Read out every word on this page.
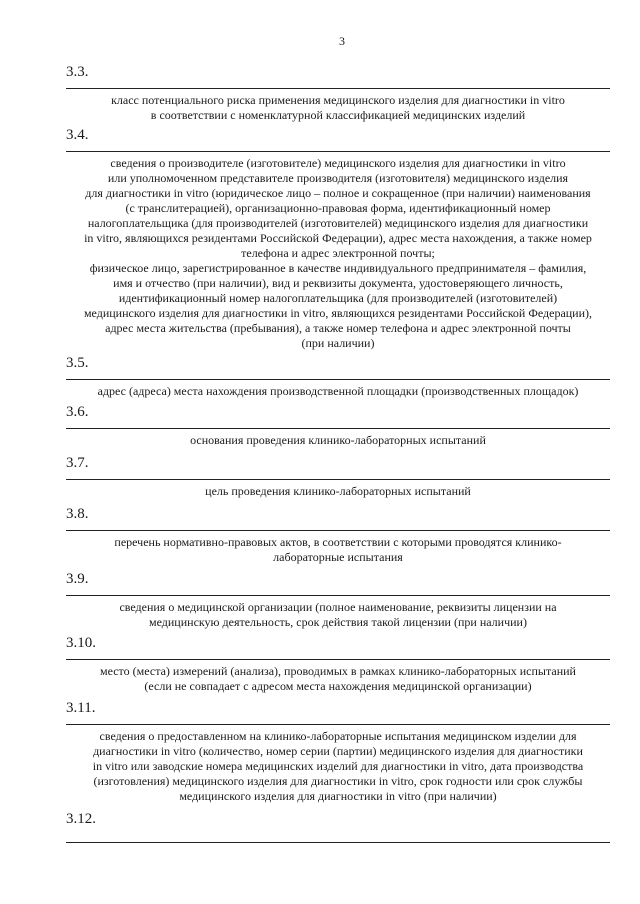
3
3.3.
класс потенциального риска применения медицинского изделия для диагностики in vitro
в соответствии с номенклатурной классификацией медицинских изделий
3.4.
сведения о производителе (изготовителе) медицинского изделия для диагностики in vitro
или уполномоченном представителе производителя (изготовителя) медицинского изделия
для диагностики in vitro (юридическое лицо – полное и сокращенное (при наличии) наименования
(с транслитерацией), организационно-правовая форма, идентификационный номер
налогоплательщика (для производителей (изготовителей) медицинского изделия для диагностики
in vitro, являющихся резидентами Российской Федерации), адрес места нахождения, а также номер
телефона и адрес электронной почты;
физическое лицо, зарегистрированное в качестве индивидуального предпринимателя – фамилия,
имя и отчество (при наличии), вид и реквизиты документа, удостоверяющего личность,
идентификационный номер налогоплательщика (для производителей (изготовителей)
медицинского изделия для диагностики in vitro, являющихся резидентами Российской Федерации),
адрес места жительства (пребывания), а также номер телефона и адрес электронной почты
(при наличии)
3.5.
адрес (адреса) места нахождения производственной площадки (производственных площадок)
3.6.
основания проведения клинико-лабораторных испытаний
3.7.
цель проведения клинико-лабораторных испытаний
3.8.
перечень нормативно-правовых актов, в соответствии с которыми проводятся клинико-
лабораторные испытания
3.9.
сведения о медицинской организации (полное наименование, реквизиты лицензии на
медицинскую деятельность, срок действия такой лицензии (при наличии)
3.10.
место (места) измерений (анализа), проводимых в рамках клинико-лабораторных испытаний
(если не совпадает с адресом места нахождения медицинской организации)
3.11.
сведения о предоставленном на клинико-лабораторные испытания медицинском изделии для
диагностики in vitro (количество, номер серии (партии) медицинского изделия для диагностики
in vitro или заводские номера медицинских изделий для диагностики in vitro, дата производства
(изготовления) медицинского изделия для диагностики in vitro, срок годности или срок службы
медицинского изделия для диагностики in vitro (при наличии)
3.12.
